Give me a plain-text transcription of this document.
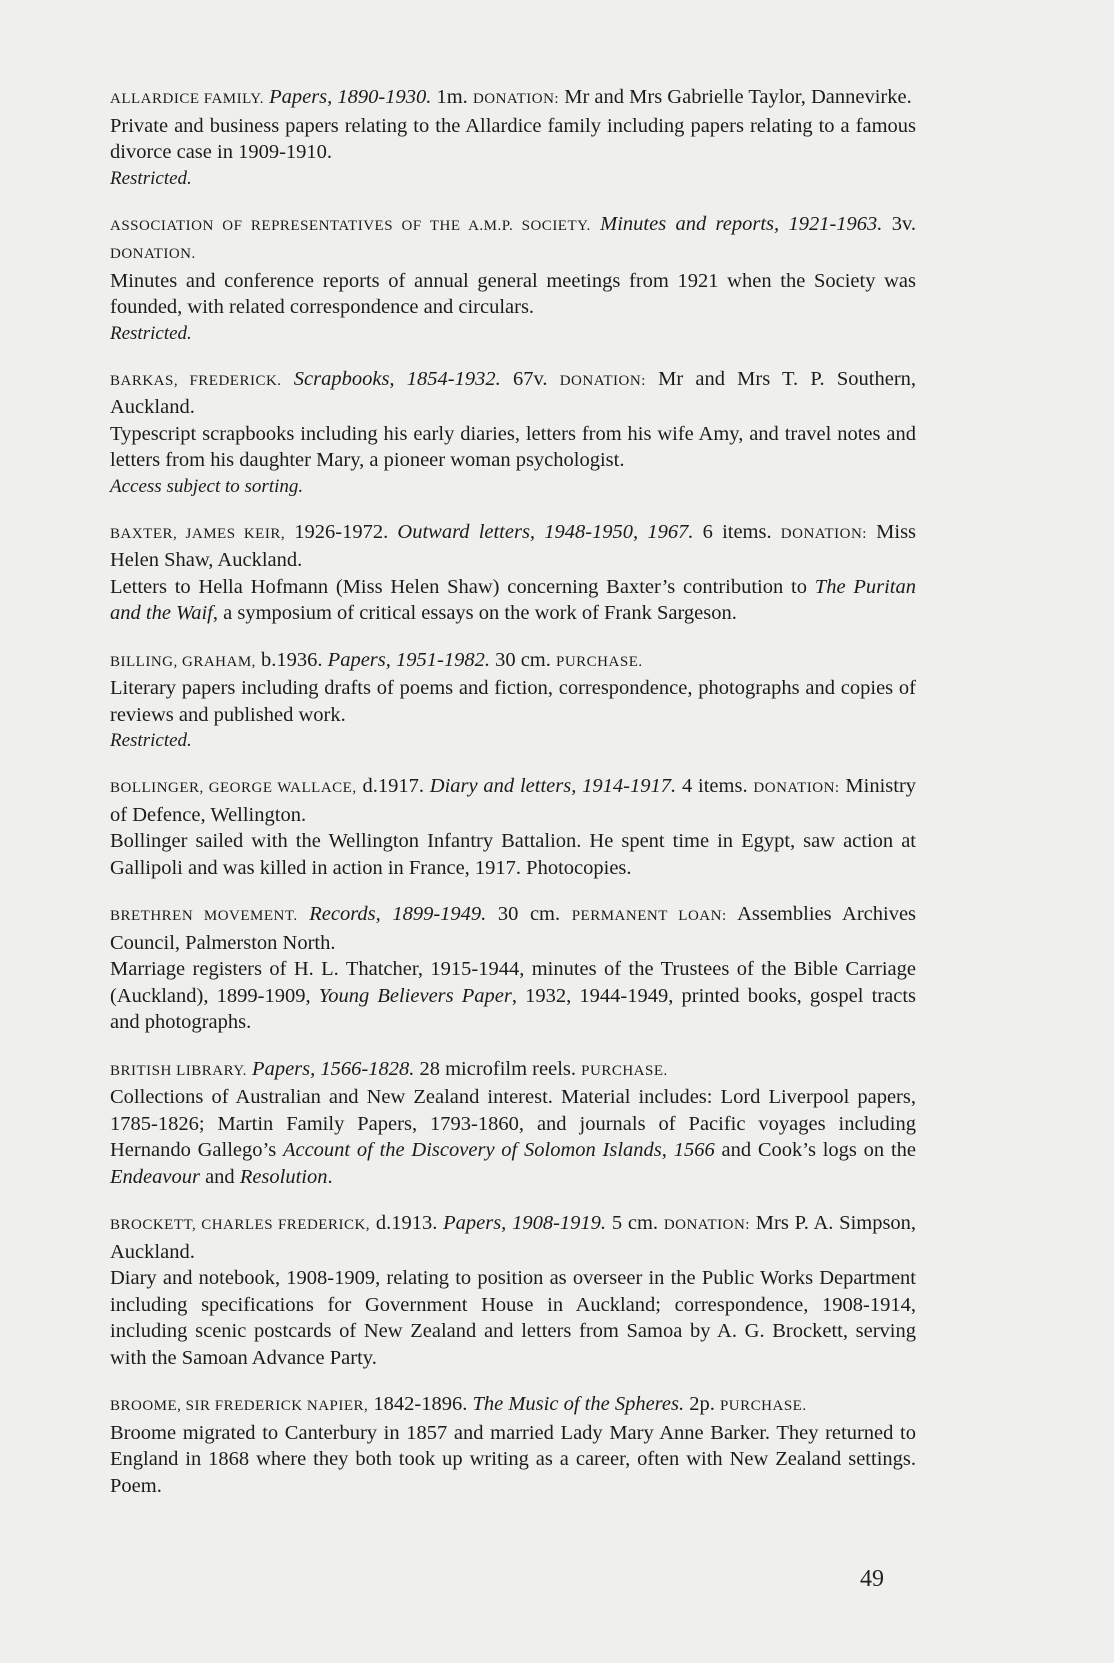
ALLARDICE FAMILY. Papers, 1890-1930. 1m. DONATION: Mr and Mrs Gabrielle Taylor, Dannevirke.

Private and business papers relating to the Allardice family including papers relating to a famous divorce case in 1909-1910.

Restricted.

ASSOCIATION OF REPRESENTATIVES OF THE A.M.P. SOCIETY. Minutes and reports, 1921-1963. 3v. DONATION.

Minutes and conference reports of annual general meetings from 1921 when the Society was founded, with related correspondence and circulars.

Restricted.

BARKAS, FREDERICK. Scrapbooks, 1854-1932. 67v. DONATION: Mr and Mrs T. P. Southern, Auckland.

Typescript scrapbooks including his early diaries, letters from his wife Amy, and travel notes and letters from his daughter Mary, a pioneer woman psychologist.

Access subject to sorting.

BAXTER, JAMES KEIR, 1926-1972. Outward letters, 1948-1950, 1967. 6 items. DONATION: Miss Helen Shaw, Auckland.

Letters to Hella Hofmann (Miss Helen Shaw) concerning Baxter’s contribution to The Puritan and the Waif, a symposium of critical essays on the work of Frank Sargeson.

BILLING, GRAHAM, b.1936. Papers, 1951-1982. 30 cm. PURCHASE.

Literary papers including drafts of poems and fiction, correspondence, photographs and copies of reviews and published work.

Restricted.

BOLLINGER, GEORGE WALLACE, d.1917. Diary and letters, 1914-1917. 4 items. DONATION: Ministry of Defence, Wellington.

Bollinger sailed with the Wellington Infantry Battalion. He spent time in Egypt, saw action at Gallipoli and was killed in action in France, 1917. Photocopies.

BRETHREN MOVEMENT. Records, 1899-1949. 30 cm. PERMANENT LOAN: Assemblies Archives Council, Palmerston North.

Marriage registers of H. L. Thatcher, 1915-1944, minutes of the Trustees of the Bible Carriage (Auckland), 1899-1909, Young Believers Paper, 1932, 1944-1949, printed books, gospel tracts and photographs.

BRITISH LIBRARY. Papers, 1566-1828. 28 microfilm reels. PURCHASE.

Collections of Australian and New Zealand interest. Material includes: Lord Liverpool papers, 1785-1826; Martin Family Papers, 1793-1860, and journals of Pacific voyages including Hernando Gallego’s Account of the Discovery of Solomon Islands, 1566 and Cook’s logs on the Endeavour and Resolution.

BROCKETT, CHARLES FREDERICK, d.1913. Papers, 1908-1919. 5 cm. DONATION: Mrs P. A. Simpson, Auckland.

Diary and notebook, 1908-1909, relating to position as overseer in the Public Works Department including specifications for Government House in Auckland; correspondence, 1908-1914, including scenic postcards of New Zealand and letters from Samoa by A. G. Brockett, serving with the Samoan Advance Party.

BROOME, SIR FREDERICK NAPIER, 1842-1896. The Music of the Spheres. 2p. PURCHASE.

Broome migrated to Canterbury in 1857 and married Lady Mary Anne Barker. They returned to England in 1868 where they both took up writing as a career, often with New Zealand settings. Poem.

49
